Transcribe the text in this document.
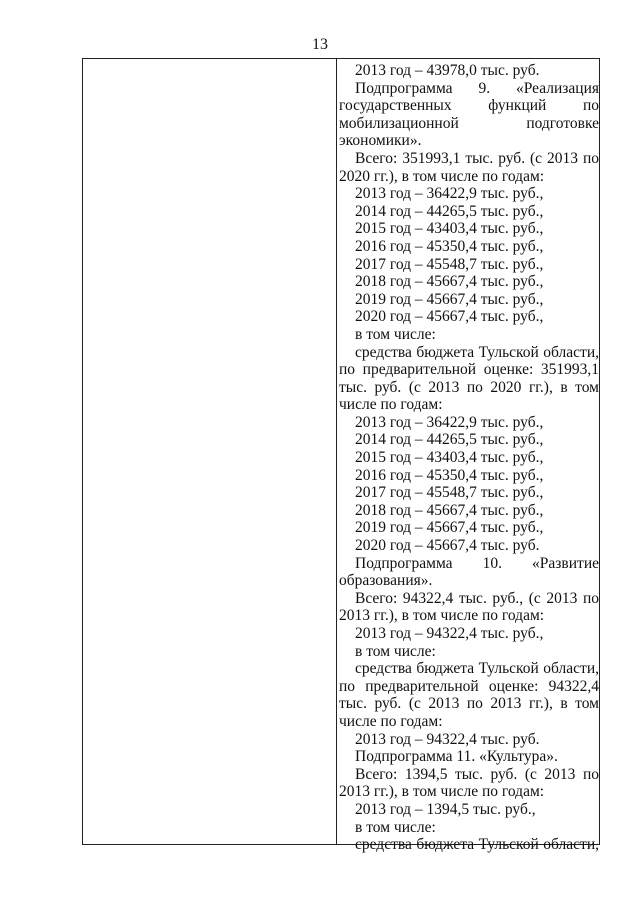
13
2013 год – 43978,0 тыс. руб.
Подпрограмма 9. «Реализация
государственных функций по
мобилизационной подготовке
экономики».
Всего: 351993,1 тыс. руб. (с 2013 по
2020 гг.), в том числе по годам:
2013 год – 36422,9 тыс. руб.,
2014 год – 44265,5 тыс. руб.,
2015 год – 43403,4 тыс. руб.,
2016 год – 45350,4 тыс. руб.,
2017 год – 45548,7 тыс. руб.,
2018 год – 45667,4 тыс. руб.,
2019 год – 45667,4 тыс. руб.,
2020 год – 45667,4 тыс. руб.,
в том числе:
средства бюджета Тульской области,
по предварительной оценке: 351993,1
тыс. руб. (с 2013 по 2020 гг.), в том
числе по годам:
2013 год – 36422,9 тыс. руб.,
2014 год – 44265,5 тыс. руб.,
2015 год – 43403,4 тыс. руб.,
2016 год – 45350,4 тыс. руб.,
2017 год – 45548,7 тыс. руб.,
2018 год – 45667,4 тыс. руб.,
2019 год – 45667,4 тыс. руб.,
2020 год – 45667,4 тыс. руб.
Подпрограмма 10. «Развитие
образования».
Всего: 94322,4 тыс. руб., (с 2013 по
2013 гг.), в том числе по годам:
2013 год – 94322,4 тыс. руб.,
в том числе:
средства бюджета Тульской области,
по предварительной оценке: 94322,4
тыс. руб. (с 2013 по 2013 гг.), в том
числе по годам:
2013 год – 94322,4 тыс. руб.
Подпрограмма 11. «Культура».
Всего: 1394,5 тыс. руб. (с 2013 по
2013 гг.), в том числе по годам:
2013 год – 1394,5 тыс. руб.,
в том числе:
средства бюджета Тульской области,
